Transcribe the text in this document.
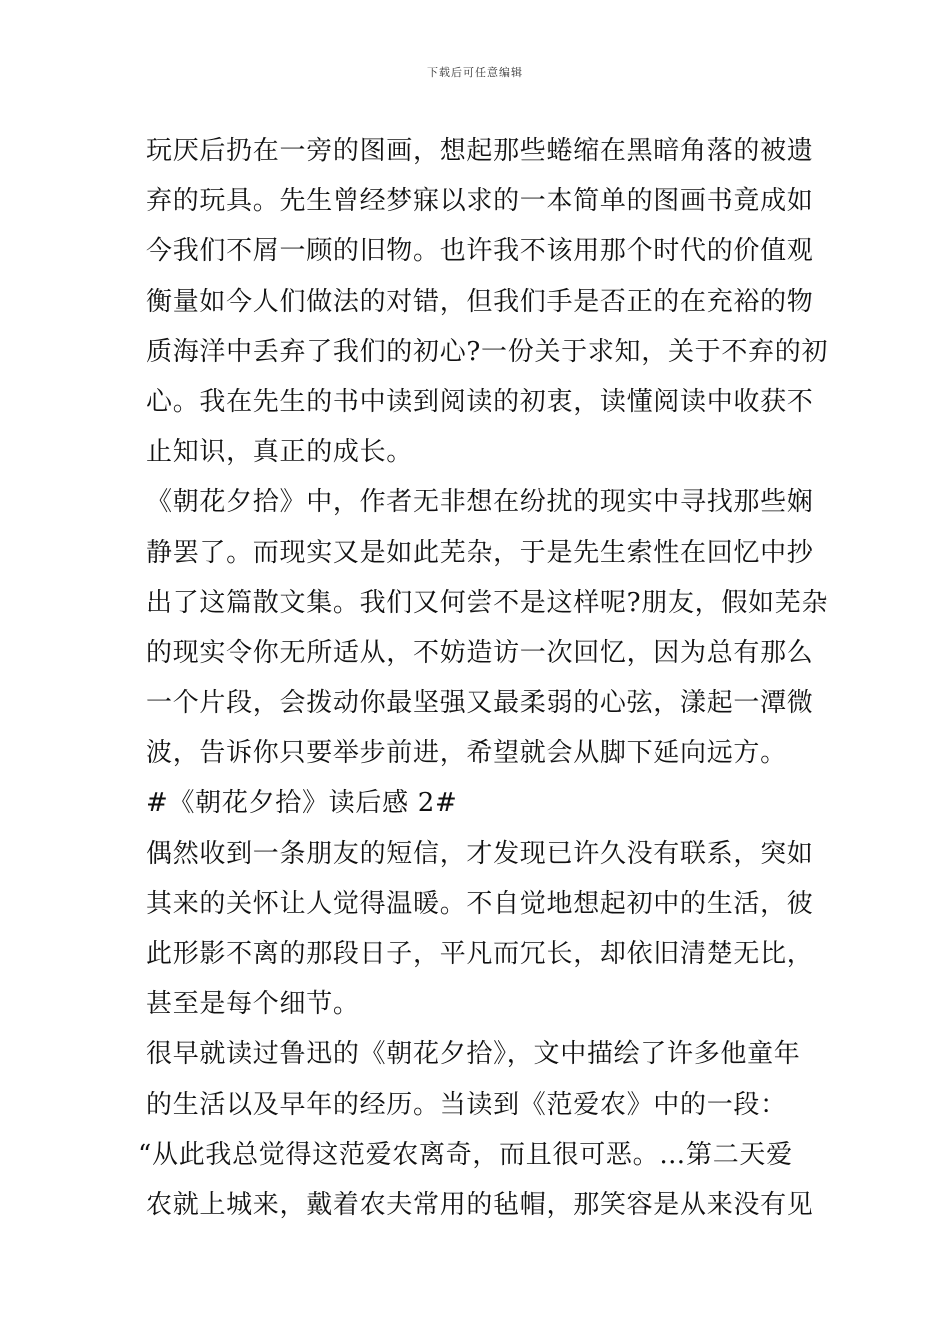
下载后可任意编辑
玩厌后扔在一旁的图画，想起那些蜷缩在黑暗角落的被遗
弃的玩具。先生曾经梦寐以求的一本简单的图画书竟成如
今我们不屑一顾的旧物。也许我不该用那个时代的价值观
衡量如今人们做法的对错，但我们手是否正的在充裕的物
质海洋中丢弃了我们的初心?一份关于求知，关于不弃的初
心。我在先生的书中读到阅读的初衷，读懂阅读中收获不
止知识，真正的成长。
《朝花夕拾》中，作者无非想在纷扰的现实中寻找那些娴
静罢了。而现实又是如此芜杂，于是先生索性在回忆中抄
出了这篇散文集。我们又何尝不是这样呢?朋友，假如芜杂
的现实令你无所适从，不妨造访一次回忆，因为总有那么
一个片段，会拨动你最坚强又最柔弱的心弦，漾起一潭微
波，告诉你只要举步前进，希望就会从脚下延向远方。
#《朝花夕拾》读后感 2#
偶然收到一条朋友的短信，才发现已许久没有联系，突如
其来的关怀让人觉得温暖。不自觉地想起初中的生活，彼
此形影不离的那段日子，平凡而冗长，却依旧清楚无比，
甚至是每个细节。
很早就读过鲁迅的《朝花夕拾》，文中描绘了许多他童年
的生活以及早年的经历。当读到《范爱农》中的一段：
“从此我总觉得这范爱农离奇，而且很可恶。…第二天爱
农就上城来，戴着农夫常用的毡帽，那笑容是从来没有见
